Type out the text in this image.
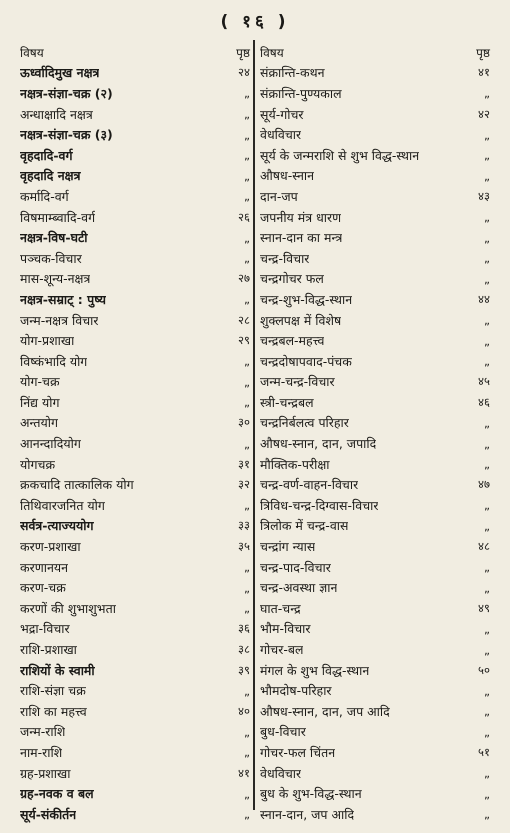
( १६ )
विषय	पृष्ठ
ऊर्ध्वादिमुख नक्षत्र	२४
नक्षत्र-संज्ञा-चक्र (२)	„
अन्धाक्षादि नक्षत्र	„
नक्षत्र-संज्ञा-चक्र (३)	„
वृहदादि-वर्ग	„
वृहदादि नक्षत्र	„
कर्मादि-वर्ग	„
विषमाम्ब्वादि-वर्ग	२६
नक्षत्र-विष-घटी	„
पञ्चक-विचार	„
मास-शून्य-नक्षत्र	२७
नक्षत्र-सम्राट् : पुष्य	„
जन्म-नक्षत्र विचार	२८
योग-प्रशाखा	२९
विष्कंभादि योग	„
योग-चक्र	„
निंद्य योग	„
अन्तयोग	३०
आनन्दादियोग	„
योगचक्र	३१
क्रकचादि तात्कालिक योग	३२
तिथिवारजनित योग	„
सर्वत्र-त्याज्ययोग	३३
करण-प्रशाखा	३५
करणानयन	„
करण-चक्र	„
करणों की शुभाशुभता	„
भद्रा-विचार	३६
राशि-प्रशाखा	३८
राशियों के स्वामी	३९
राशि-संज्ञा चक्र	„
राशि का महत्त्व	४०
जन्म-राशि	„
नाम-राशि	„
ग्रह-प्रशाखा	४१
ग्रह-नवक व बल	„
सूर्य-संकीर्तन	„
विषय	पृष्ठ
संक्रान्ति-कथन	४१
संक्रान्ति-पुण्यकाल	„
सूर्य-गोचर	४२
वेधविचार	„
सूर्य के जन्मराशि से शुभ विद्ध-स्थान	„
औषध-स्नान	„
दान-जप	४३
जपनीय मंत्र धारण	„
स्नान-दान का मन्त्र	„
चन्द्र-विचार	„
चन्द्रगोचर फल	„
चन्द्र-शुभ-विद्ध-स्थान	४४
शुक्लपक्ष में विशेष	„
चन्द्रबल-महत्त्व	„
चन्द्रदोषापवाद-पंचक	„
जन्म-चन्द्र-विचार	४५
स्त्री-चन्द्रबल	४६
चन्द्रनिर्बलत्व परिहार	„
औषध-स्नान, दान, जपादि	„
मौक्तिक-परीक्षा	„
चन्द्र-वर्ण-वाहन-विचार	४७
त्रिविध-चन्द्र-दिग्वास-विचार	„
त्रिलोक में चन्द्र-वास	„
चन्द्रांग न्यास	४८
चन्द्र-पाद-विचार	„
चन्द्र-अवस्था ज्ञान	„
घात-चन्द्र	४९
भौम-विचार	„
गोचर-बल	„
मंगल के शुभ विद्ध-स्थान	५०
भौमदोष-परिहार	„
औषध-स्नान, दान, जप आदि	„
बुध-विचार	„
गोचर-फल चिंतन	५१
वेधविचार	„
बुध के शुभ-विद्ध-स्थान	„
स्नान-दान, जप आदि	„
